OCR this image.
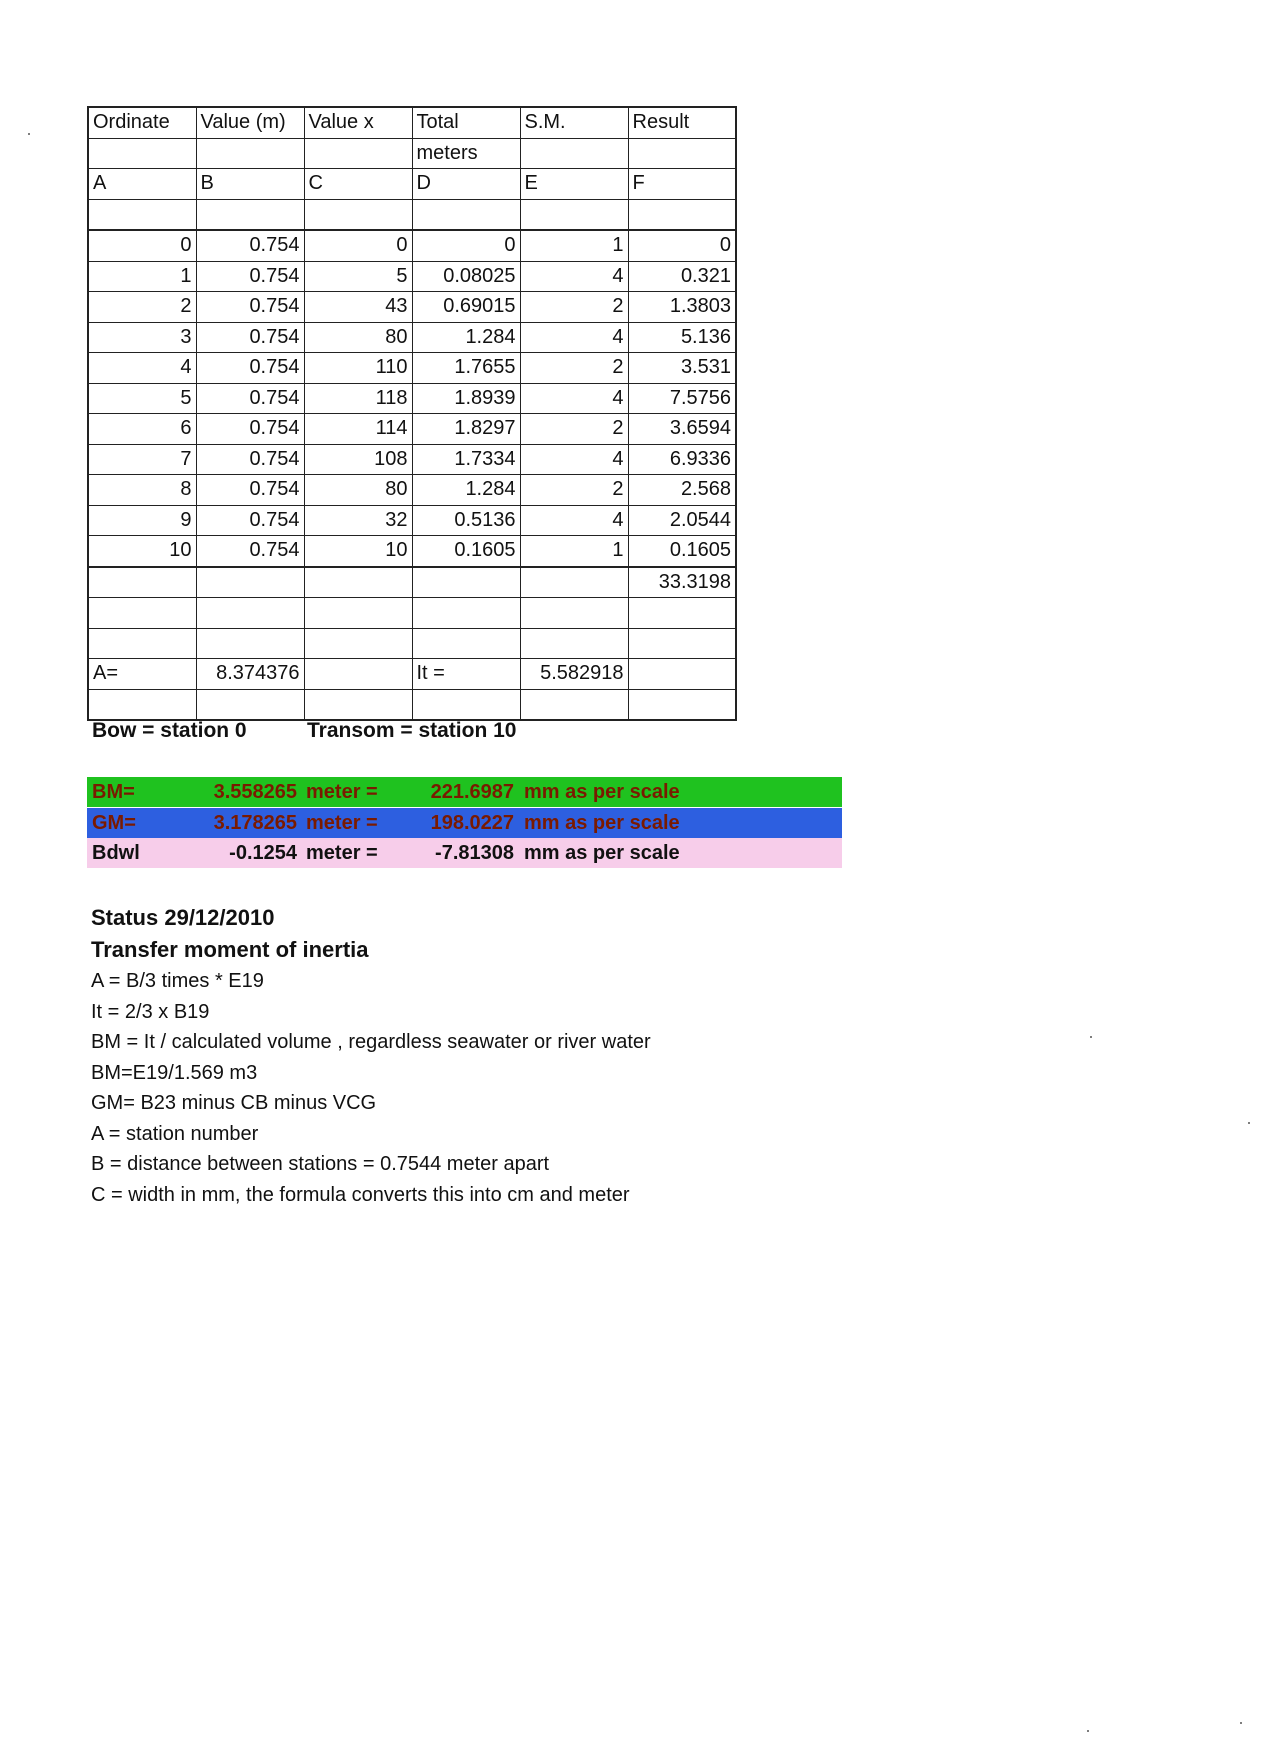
Ordinate	Value (m)	Value x	Total	S.M.	Result
			meters		
A	B	C	D	E	F

0	0.754	0	0	1	0
1	0.754	5	0.08025	4	0.321
2	0.754	43	0.69015	2	1.3803
3	0.754	80	1.284	4	5.136
4	0.754	110	1.7655	2	3.531
5	0.754	118	1.8939	4	7.5756
6	0.754	114	1.8297	2	3.6594
7	0.754	108	1.7334	4	6.9336
8	0.754	80	1.284	2	2.568
9	0.754	32	0.5136	4	2.0544
10	0.754	10	0.1605	1	0.1605
					33.3198

A=	8.374376		It =	5.582918	

Bow = station 0	Transom = station 10
BM=	3.558265 meter =	221.6987 mm as per scale
GM=	3.178265 meter =	198.0227 mm as per scale
Bdwl	-0.1254 meter =	-7.81308 mm as per scale
Status 29/12/2010
Transfer moment of inertia
A = B/3 times * E19
It = 2/3 x B19
BM = It / calculated volume , regardless seawater or river water
BM=E19/1.569 m3
GM= B23 minus CB minus VCG
A = station number
B = distance between stations = 0.7544 meter apart
C = width in mm, the formula converts this into cm and meter
